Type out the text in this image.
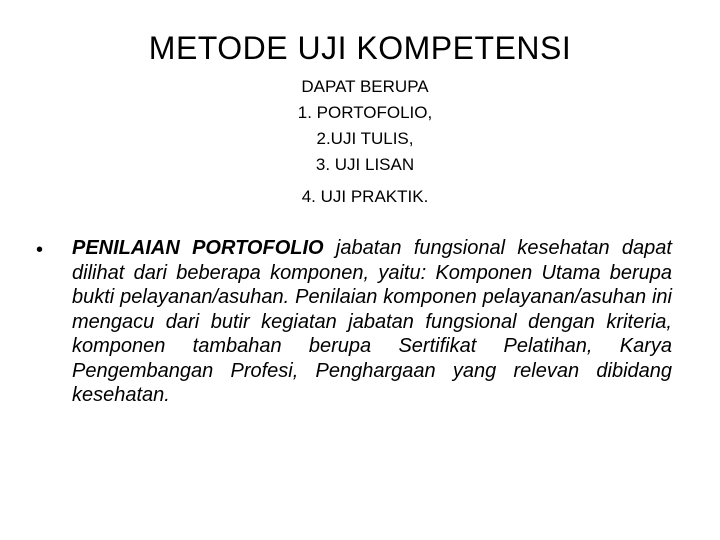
METODE UJI KOMPETENSI
DAPAT BERUPA
1. PORTOFOLIO,
2.UJI TULIS,
3. UJI LISAN
4. UJI PRAKTIK.
• PENILAIAN PORTOFOLIO jabatan fungsional kesehatan dapat dilihat dari beberapa komponen, yaitu: Komponen Utama berupa bukti pelayanan/asuhan. Penilaian komponen pelayanan/asuhan ini mengacu dari butir kegiatan jabatan fungsional dengan kriteria, komponen tambahan berupa Sertifikat Pelatihan, Karya Pengembangan Profesi, Penghargaan yang relevan dibidang kesehatan.
